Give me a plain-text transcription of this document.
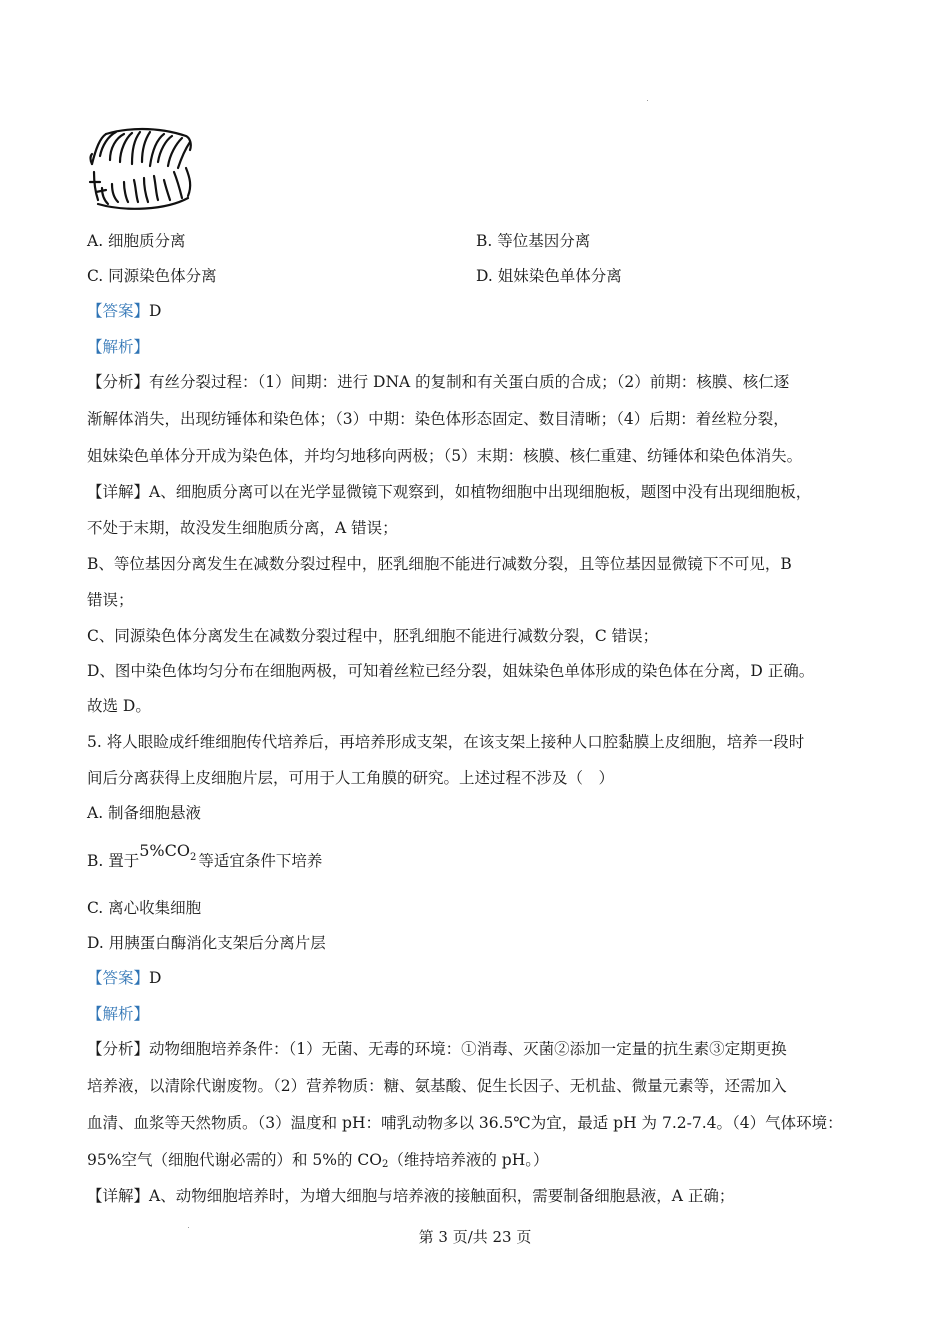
A. 细胞质分离	B. 等位基因分离
C. 同源染色体分离	D. 姐妹染色单体分离
【答案】D
【解析】
【分析】有丝分裂过程：（1）间期：进行 DNA 的复制和有关蛋白质的合成；（2）前期：核膜、核仁逐
渐解体消失，出现纺锤体和染色体；（3）中期：染色体形态固定、数目清晰；（4）后期：着丝粒分裂，
姐妹染色单体分开成为染色体，并均匀地移向两极；（5）末期：核膜、核仁重建、纺锤体和染色体消失。
【详解】A、细胞质分离可以在光学显微镜下观察到，如植物细胞中出现细胞板，题图中没有出现细胞板，
不处于末期，故没发生细胞质分离，A 错误；
B、等位基因分离发生在减数分裂过程中，胚乳细胞不能进行减数分裂，且等位基因显微镜下不可见，B
错误；
C、同源染色体分离发生在减数分裂过程中，胚乳细胞不能进行减数分裂，C 错误；
D、图中染色体均匀分布在细胞两极，可知着丝粒已经分裂，姐妹染色单体形成的染色体在分离，D 正确。
故选 D。
5. 将人眼睑成纤维细胞传代培养后，再培养形成支架，在该支架上接种人口腔黏膜上皮细胞，培养一段时
间后分离获得上皮细胞片层，可用于人工角膜的研究。上述过程不涉及（　）
A. 制备细胞悬液
B. 置于$5\%CO_2$ 等适宜条件下培养
C. 离心收集细胞
D. 用胰蛋白酶消化支架后分离片层
【答案】D
【解析】
【分析】动物细胞培养条件：（1）无菌、无毒的环境：①消毒、灭菌②添加一定量的抗生素③定期更换
培养液，以清除代谢废物。（2）营养物质：糖、氨基酸、促生长因子、无机盐、微量元素等，还需加入
血清、血浆等天然物质。（3）温度和 pH：哺乳动物多以 36.5℃为宜，最适 pH 为 7.2-7.4。（4）气体环境：
95%空气（细胞代谢必需的）和 5%的 $CO_2$（维持培养液的 pH。）
【详解】A、动物细胞培养时，为增大细胞与培养液的接触面积，需要制备细胞悬液，A 正确；
第 3 页/共 23 页
